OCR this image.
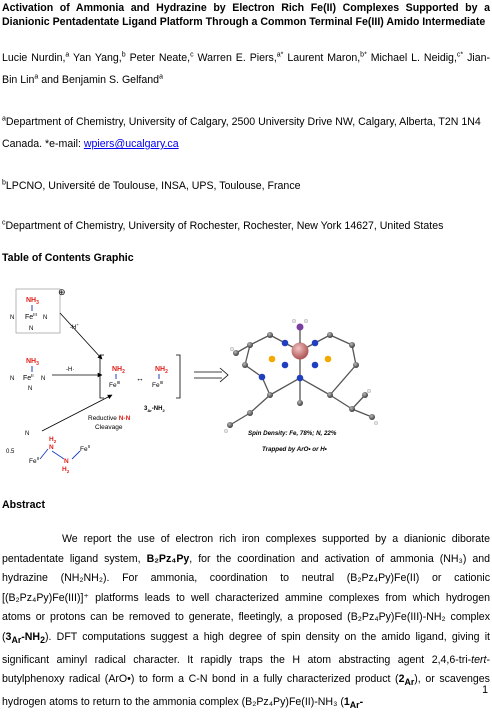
Activation of Ammonia and Hydrazine by Electron Rich Fe(II) Complexes Supported by a Dianionic Pentadentate Ligand Platform Through a Common Terminal Fe(III) Amido Intermediate
Lucie Nurdin,$^a$ Yan Yang,$^b$ Peter Neate,$^c$ Warren E. Piers,$^{a*}$ Laurent Maron,$^{b*}$ Michael L. Neidig,$^{c*}$ Jian-Bin Lin$^a$ and Benjamin S. Gelfand$^a$
$^a$Department of Chemistry, University of Calgary, 2500 University Drive NW, Calgary, Alberta, T2N 1N4 Canada. *e-mail: wpiers@ucalgary.ca
$^b$LPCNO, Université de Toulouse, INSA, UPS, Toulouse, France
$^c$Department of Chemistry, University of Rochester, Rochester, New York 14627, United States
Table of Contents Graphic
$NH_3$
$Fe^{III}$
N	N
N
⊕
$NH_3$
$Fe^{II}$
N	N
N
-H+
-H·	$NH_2$
$Fe^{III}$ ↔
$NH_2$
$Fe^{III}$
$3_{Ar}-NH_2$
Reductive N-N
Cleavage
0.5
N
$Fe^{II}$
$H_2$
N
N
$H_2$
$Fe^{II}$
Spin Density: Fe, 78%; N, 22%
Trapped by ArO• or H•
Abstract
We report the use of electron rich iron complexes supported by a dianionic diborate pentadentate ligand system, B₂Pz₄Py, for the coordination and activation of ammonia (NH₃) and hydrazine (NH₂NH₂). For ammonia, coordination to neutral (B₂Pz₄Py)Fe(II) or cationic [(B₂Pz₄Py)Fe(III)]⁺ platforms leads to well characterized ammine complexes from which hydrogen atoms or protons can be removed to generate, fleetingly, a proposed (B₂Pz₄Py)Fe(III)-NH₂ complex $(3_{Ar}-NH_2)$. DFT computations suggest a high degree of spin density on the amido ligand, giving it significant aminyl radical character. It rapidly traps the H atom abstracting agent 2,4,6-tri-tert-butylphenoxy radical (ArO•) to form a C-N bond in a fully characterized product $(2_{Ar})$, or scavenges hydrogen atoms to return to the ammonia complex (B₂Pz₄Py)Fe(II)-NH₃ ($1_{Ar}-$
1
